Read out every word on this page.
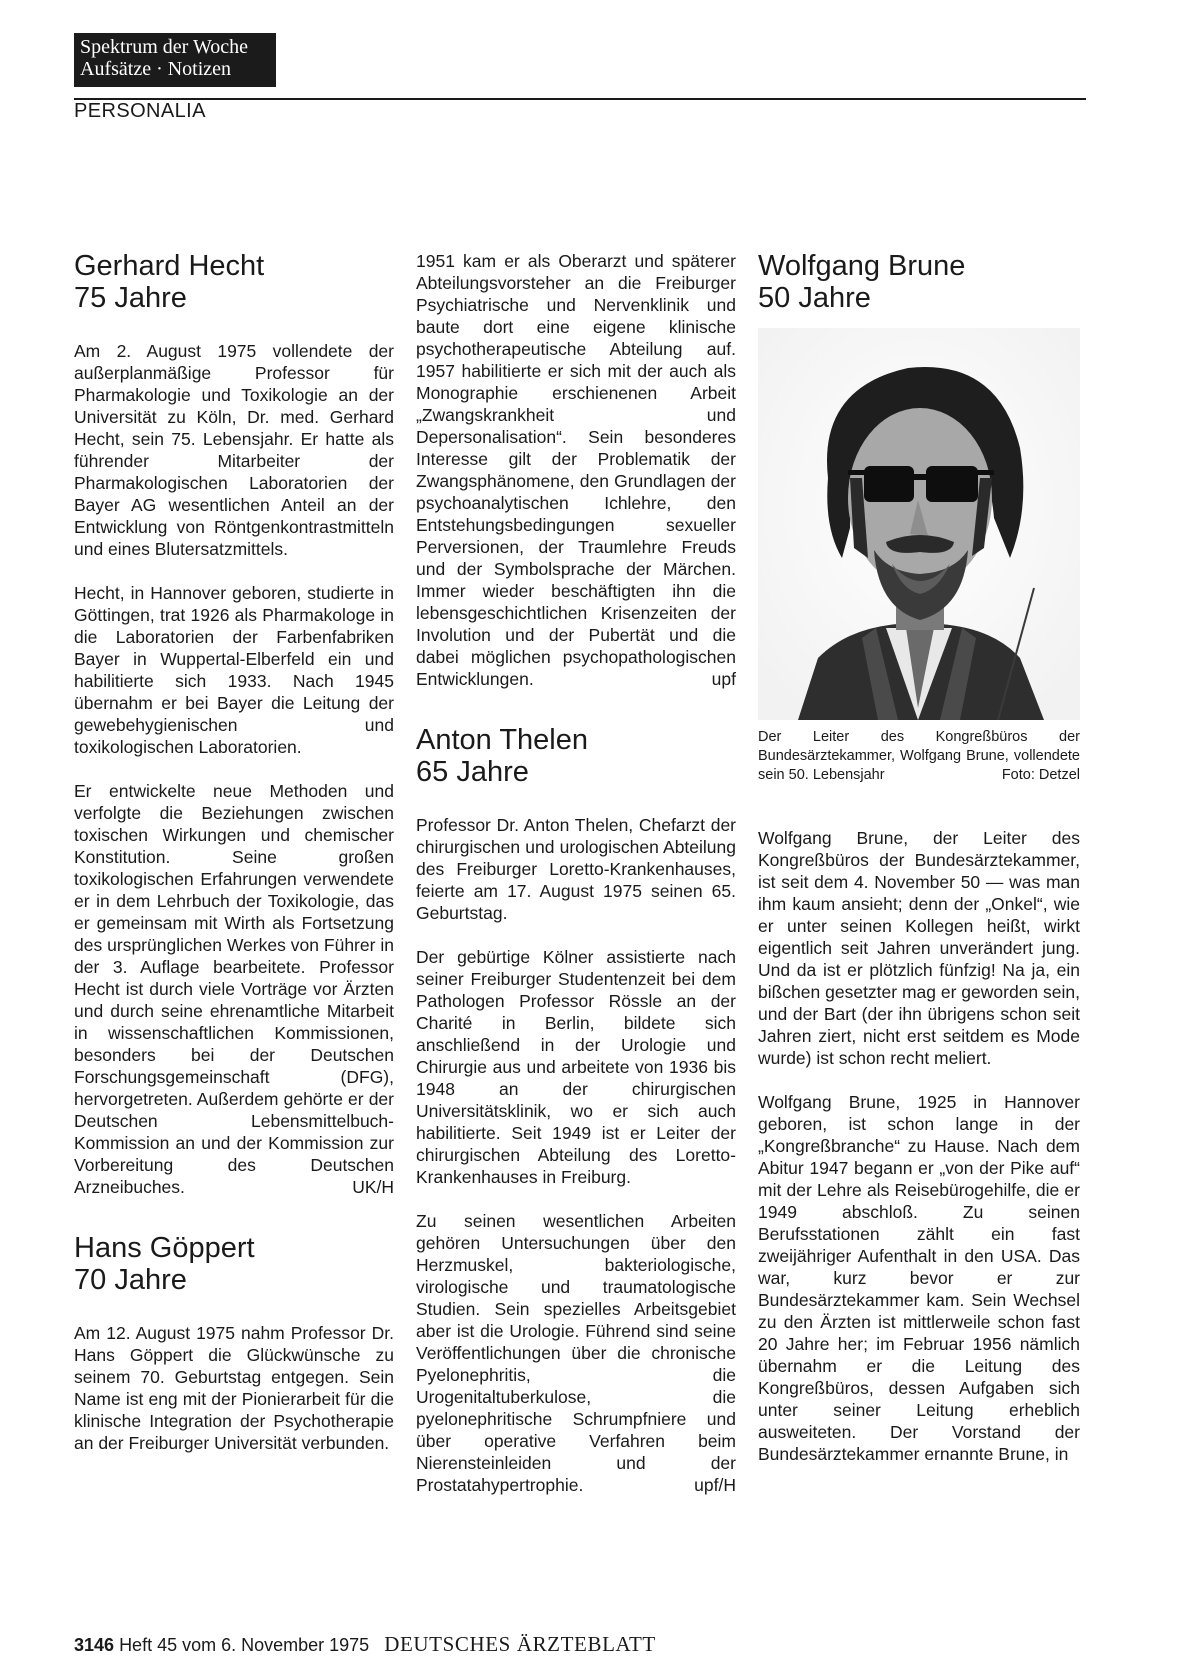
Spektrum der Woche
Aufsätze · Notizen
PERSONALIA
Gerhard Hecht
75 Jahre

Am 2. August 1975 vollendete der außerplanmäßige Professor für Pharmakologie und Toxikologie an der Universität zu Köln, Dr. med. Gerhard Hecht, sein 75. Lebensjahr. Er hatte als führender Mitarbeiter der Pharmakologischen Laboratorien der Bayer AG wesentlichen Anteil an der Entwicklung von Röntgenkontrastmitteln und eines Blutersatzmittels.

Hecht, in Hannover geboren, studierte in Göttingen, trat 1926 als Pharmakologe in die Laboratorien der Farbenfabriken Bayer in Wuppertal-Elberfeld ein und habilitierte sich 1933. Nach 1945 übernahm er bei Bayer die Leitung der gewebehygienischen und toxikologischen Laboratorien.

Er entwickelte neue Methoden und verfolgte die Beziehungen zwischen toxischen Wirkungen und chemischer Konstitution. Seine großen toxikologischen Erfahrungen verwendete er in dem Lehrbuch der Toxikologie, das er gemeinsam mit Wirth als Fortsetzung des ursprünglichen Werkes von Führer in der 3. Auflage bearbeitete. Professor Hecht ist durch viele Vorträge vor Ärzten und durch seine ehrenamtliche Mitarbeit in wissenschaftlichen Kommissionen, besonders bei der Deutschen Forschungsgemeinschaft (DFG), hervorgetreten. Außerdem gehörte er der Deutschen Lebensmittelbuch-Kommission an und der Kommission zur Vorbereitung des Deutschen Arzneibuches.	UK/H

Hans Göppert
70 Jahre

Am 12. August 1975 nahm Professor Dr. Hans Göppert die Glückwünsche zu seinem 70. Geburtstag entgegen. Sein Name ist eng mit der Pionierarbeit für die klinische Integration der Psychotherapie an der Freiburger Universität verbunden.

1951 kam er als Oberarzt und späterer Abteilungsvorsteher an die Freiburger Psychiatrische und Nervenklinik und baute dort eine eigene klinische psychotherapeutische Abteilung auf. 1957 habilitierte er sich mit der auch als Monographie erschienenen Arbeit „Zwangskrankheit und Depersonalisation“. Sein besonderes Interesse gilt der Problematik der Zwangsphänomene, den Grundlagen der psychoanalytischen Ichlehre, den Entstehungsbedingungen sexueller Perversionen, der Traumlehre Freuds und der Symbolsprache der Märchen. Immer wieder beschäftigten ihn die lebensgeschichtlichen Krisenzeiten der Involution und der Pubertät und die dabei möglichen psychopathologischen Entwicklungen.	upf

Anton Thelen
65 Jahre

Professor Dr. Anton Thelen, Chefarzt der chirurgischen und urologischen Abteilung des Freiburger Loretto-Krankenhauses, feierte am 17. August 1975 seinen 65. Geburtstag.

Der gebürtige Kölner assistierte nach seiner Freiburger Studentenzeit bei dem Pathologen Professor Rössle an der Charité in Berlin, bildete sich anschließend in der Urologie und Chirurgie aus und arbeitete von 1936 bis 1948 an der chirurgischen Universitätsklinik, wo er sich auch habilitierte. Seit 1949 ist er Leiter der chirurgischen Abteilung des Loretto-Krankenhauses in Freiburg.

Zu seinen wesentlichen Arbeiten gehören Untersuchungen über den Herzmuskel, bakteriologische, virologische und traumatologische Studien. Sein spezielles Arbeitsgebiet aber ist die Urologie. Führend sind seine Veröffentlichungen über die chronische Pyelonephritis, die Urogenitaltuberkulose, die pyelonephritische Schrumpfniere und über operative Verfahren beim Nierensteinleiden und der Prostatahypertrophie.	upf/H

Wolfgang Brune
50 Jahre
Der Leiter des Kongreßbüros der Bundesärztekammer, Wolfgang Brune, vollendete sein 50. Lebensjahr	Foto: Detzel

Wolfgang Brune, der Leiter des Kongreßbüros der Bundesärztekammer, ist seit dem 4. November 50 — was man ihm kaum ansieht; denn der „Onkel“, wie er unter seinen Kollegen heißt, wirkt eigentlich seit Jahren unverändert jung. Und da ist er plötzlich fünfzig! Na ja, ein bißchen gesetzter mag er geworden sein, und der Bart (der ihn übrigens schon seit Jahren ziert, nicht erst seitdem es Mode wurde) ist schon recht meliert.

Wolfgang Brune, 1925 in Hannover geboren, ist schon lange in der „Kongreßbranche“ zu Hause. Nach dem Abitur 1947 begann er „von der Pike auf“ mit der Lehre als Reisebürogehilfe, die er 1949 abschloß. Zu seinen Berufsstationen zählt ein fast zweijähriger Aufenthalt in den USA. Das war, kurz bevor er zur Bundesärztekammer kam. Sein Wechsel zu den Ärzten ist mittlerweile schon fast 20 Jahre her; im Februar 1956 nämlich übernahm er die Leitung des Kongreßbüros, dessen Aufgaben sich unter seiner Leitung erheblich ausweiteten. Der Vorstand der Bundesärztekammer ernannte Brune, in

3146 Heft 45 vom 6. November 1975 DEUTSCHES ÄRZTEBLATT
